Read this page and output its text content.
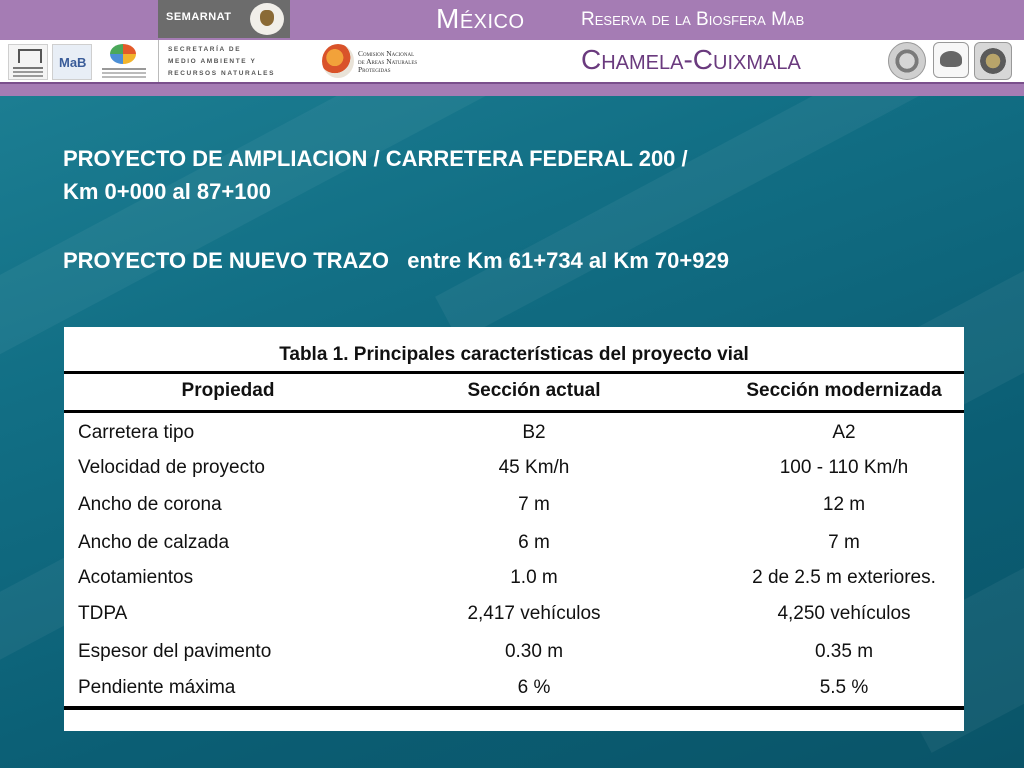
SEMARNAT
SECRETARÍA DE
MEDIO AMBIENTE Y
RECURSOS NATURALES
MaB
Comision Nacional
de Areas Naturales
Protegidas
México	Reserva de la Biosfera Mab
Chamela-Cuixmala
PROYECTO DE AMPLIACION / CARRETERA FEDERAL 200 /
Km 0+000 al 87+100
PROYECTO DE NUEVO TRAZO   entre Km 61+734 al Km 70+929
Tabla 1. Principales características del proyecto vial
Propiedad	Sección actual	Sección modernizada
Carretera tipo	B2	A2
Velocidad de proyecto	45 Km/h	100 - 110 Km/h
Ancho de corona	7 m	12 m
Ancho de calzada	6 m	7 m
Acotamientos	1.0 m	2 de 2.5 m exteriores.
TDPA	2,417 vehículos	4,250 vehículos
Espesor del pavimento	0.30 m	0.35 m
Pendiente máxima	6 %	5.5 %
